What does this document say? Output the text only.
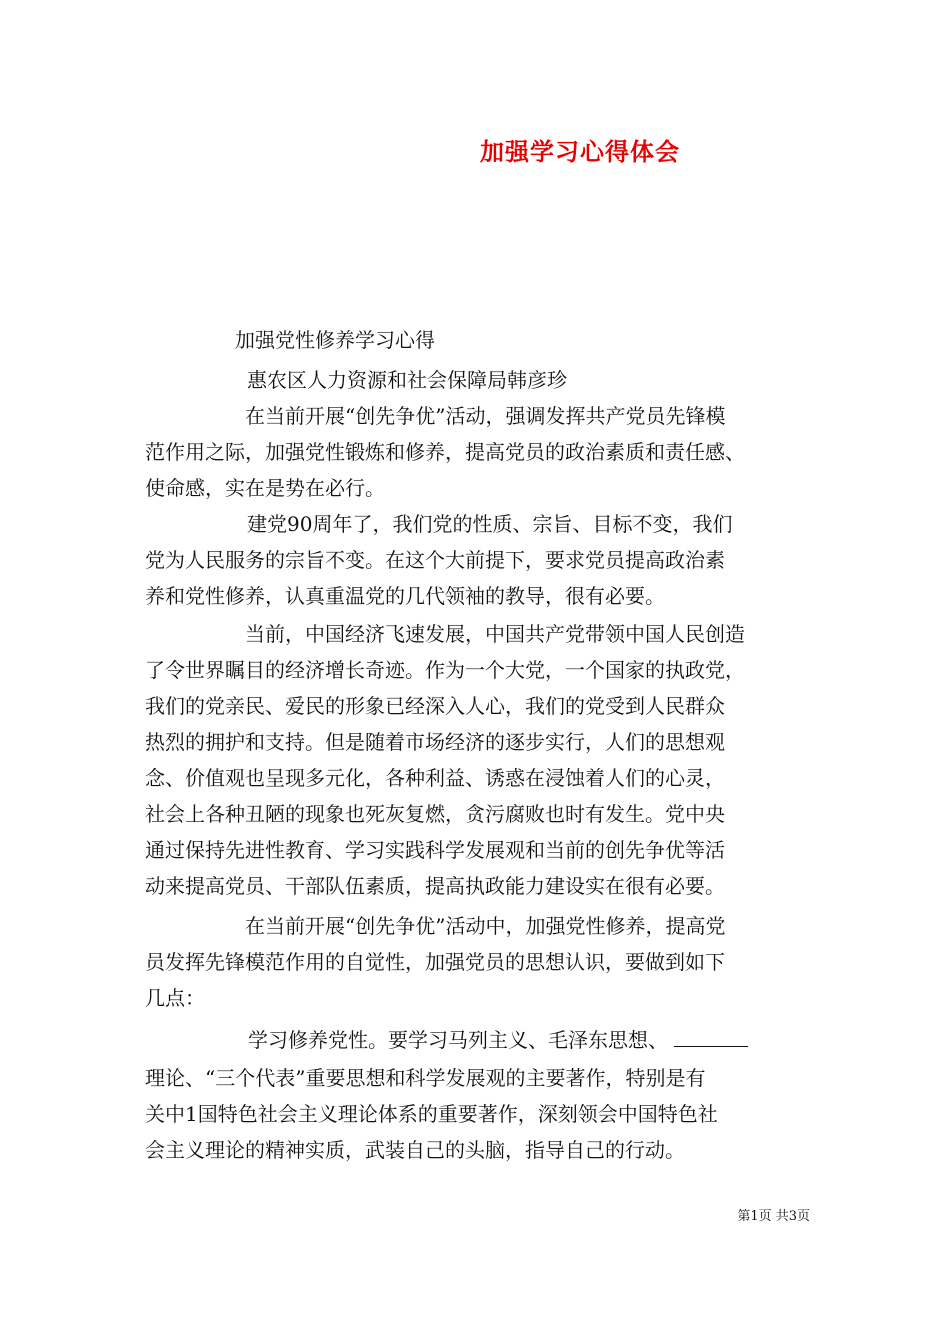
加强学习心得体会
加强党性修养学习心得
惠农区人力资源和社会保障局韩彦珍
在当前开展“创先争优”活动，强调发挥共产党员先锋模
范作用之际，加强党性锻炼和修养，提高党员的政治素质和责任感、
使命感，实在是势在必行。
建党90周年了，我们党的性质、宗旨、目标不变，我们
党为人民服务的宗旨不变。在这个大前提下，要求党员提高政治素
养和党性修养，认真重温党的几代领袖的教导，很有必要。
当前，中国经济飞速发展，中国共产党带领中国人民创造
了令世界瞩目的经济增长奇迹。作为一个大党，一个国家的执政党，
我们的党亲民、爱民的形象已经深入人心，我们的党受到人民群众
热烈的拥护和支持。但是随着市场经济的逐步实行，人们的思想观
念、价值观也呈现多元化，各种利益、诱惑在浸蚀着人们的心灵，
社会上各种丑陋的现象也死灰复燃，贪污腐败也时有发生。党中央
通过保持先进性教育、学习实践科学发展观和当前的创先争优等活
动来提高党员、干部队伍素质，提高执政能力建设实在很有必要。
在当前开展“创先争优”活动中，加强党性修养，提高党
员发挥先锋模范作用的自觉性，加强党员的思想认识，要做到如下
几点：
学习修养党性。要学习马列主义、毛泽东思想、
理论、“三个代表”重要思想和科学发展观的主要著作，特别是有
关中1国特色社会主义理论体系的重要著作，深刻领会中国特色社
会主义理论的精神实质，武装自己的头脑，指导自己的行动。
第1页 共3页
